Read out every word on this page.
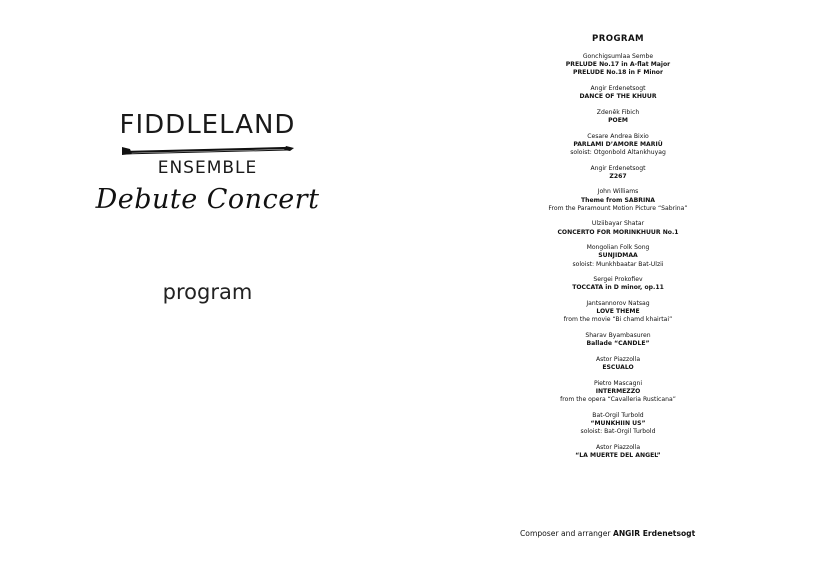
FIDDLELAND
ENSEMBLE
Debute Concert
program
PROGRAM
Gonchigsumlaa Sembe
PRELUDE No.17 in A-flat Major
PRELUDE No.18 in F Minor
Angir Erdenetsogt
DANCE OF THE KHUUR
Zdeněk Fibich
POEM
Cesare Andrea Bixio
PARLAMI D’AMORE MARIÙ
soloist: Otgonbold Altankhuyag
Angir Erdenetsogt
Z267
John Williams
Theme from SABRINA
From the Paramount Motion Picture “Sabrina”
Ulziibayar Shatar
CONCERTO FOR MORINKHUUR No.1
Mongolian Folk Song
SUNJIDMAA
soloist: Munkhbaatar Bat-Ulzii
Sergei Prokofiev
TOCCATA in D minor, op.11
Jantsannorov Natsag
LOVE THEME
from the movie “Bi chamd khairtai”
Sharav Byambasuren
Ballade “CANDLE”
Astor Piazzolla
ESCUALO
Pietro Mascagni
INTERMEZZO
from the opera “Cavalleria Rusticana”
Bat-Orgil Turbold
“MUNKHIIN US”
soloist: Bat-Orgil Turbold
Astor Piazzolla
“LA MUERTE DEL ANGEL”
Composer and arranger ANGIR Erdenetsogt
